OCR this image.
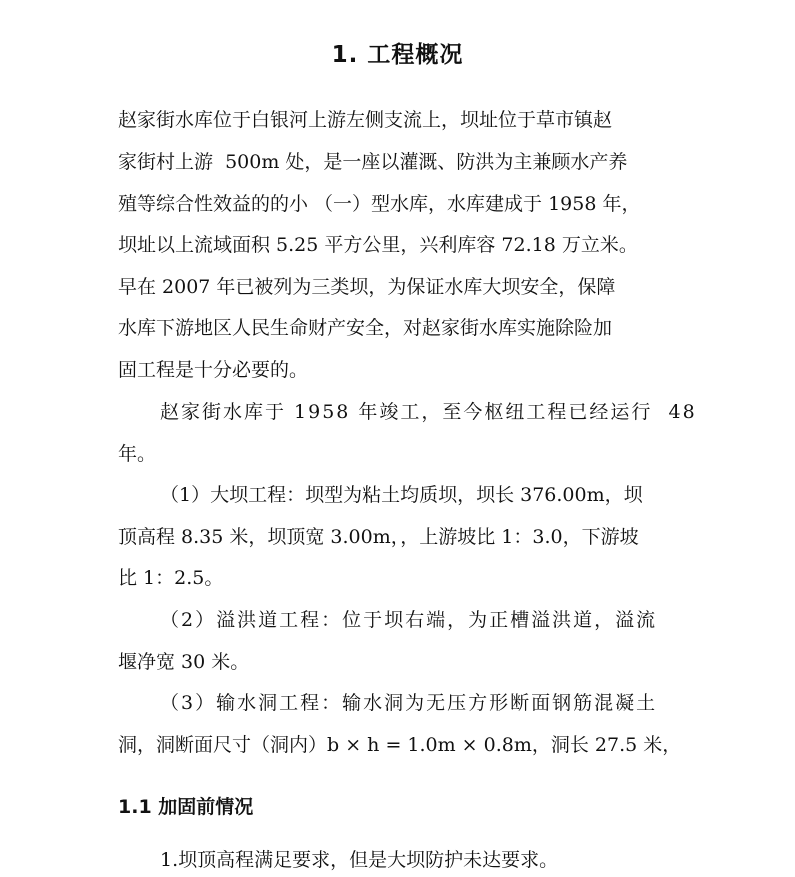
1. 工程概况
赵家街水库位于白银河上游左侧支流上，坝址位于草市镇赵
家街村上游  500m 处，是一座以灌溉、防洪为主兼顾水产养
殖等综合性效益的的小 （一）型水库，水库建成于 1958 年，
坝址以上流域面积 5.25 平方公里，兴利库容 72.18 万立米。
早在 2007 年已被列为三类坝，为保证水库大坝安全，保障
水库下游地区人民生命财产安全，对赵家街水库实施除险加
固工程是十分必要的。
赵家街水库于 1958 年竣工，至今枢纽工程已经运行  48
年。
（1）大坝工程：坝型为粘土均质坝，坝长 376.00m，坝
顶高程 8.35 米，坝顶宽 3.00m，，上游坡比 1：3.0，下游坡
比 1：2.5。
（2）溢洪道工程：位于坝右端，为正槽溢洪道，溢流
堰净宽 30 米。
（3）输水洞工程：输水洞为无压方形断面钢筋混凝土
洞，洞断面尺寸（洞内）b × h = 1.0m × 0.8m，洞长 27.5 米，
1.1 加固前情况
1.坝顶高程满足要求，但是大坝防护未达要求。
